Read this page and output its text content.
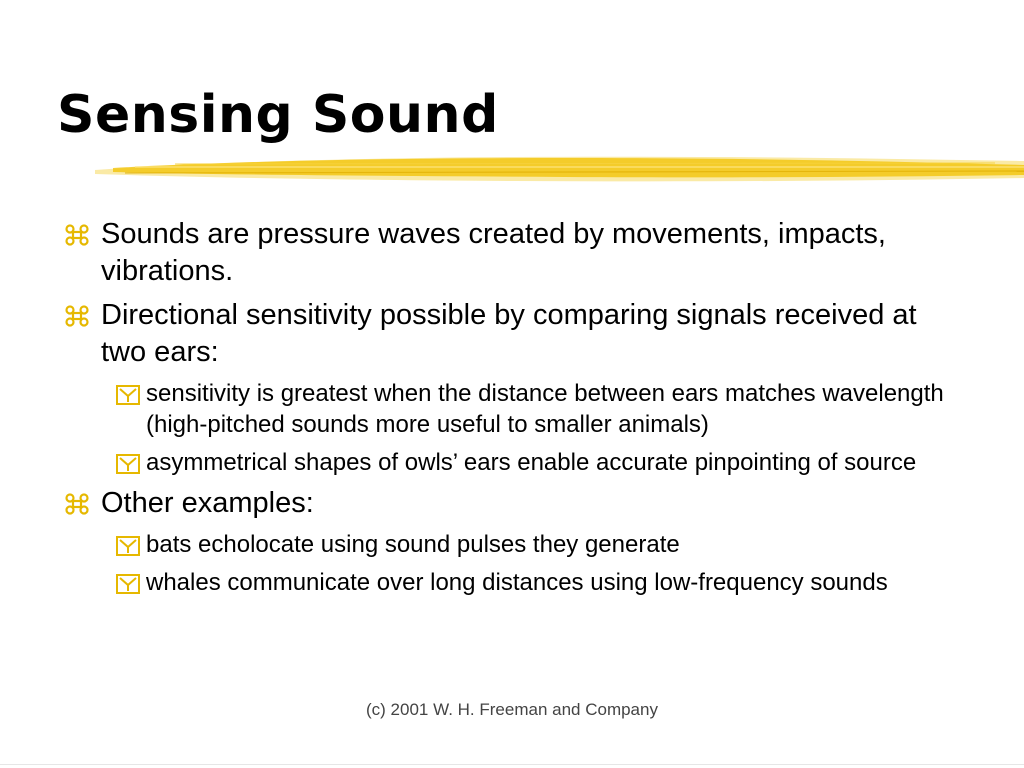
Sensing Sound
Sounds are pressure waves created by movements, impacts, vibrations.
Directional sensitivity possible by comparing signals received at two ears:
sensitivity is greatest when the distance between ears matches wavelength (high-pitched sounds more useful to smaller animals)
asymmetrical shapes of owls’ ears enable accurate pinpointing of source
Other examples:
bats echolocate using sound pulses they generate
whales communicate over long distances using low-frequency sounds
(c) 2001 W. H. Freeman and Company
